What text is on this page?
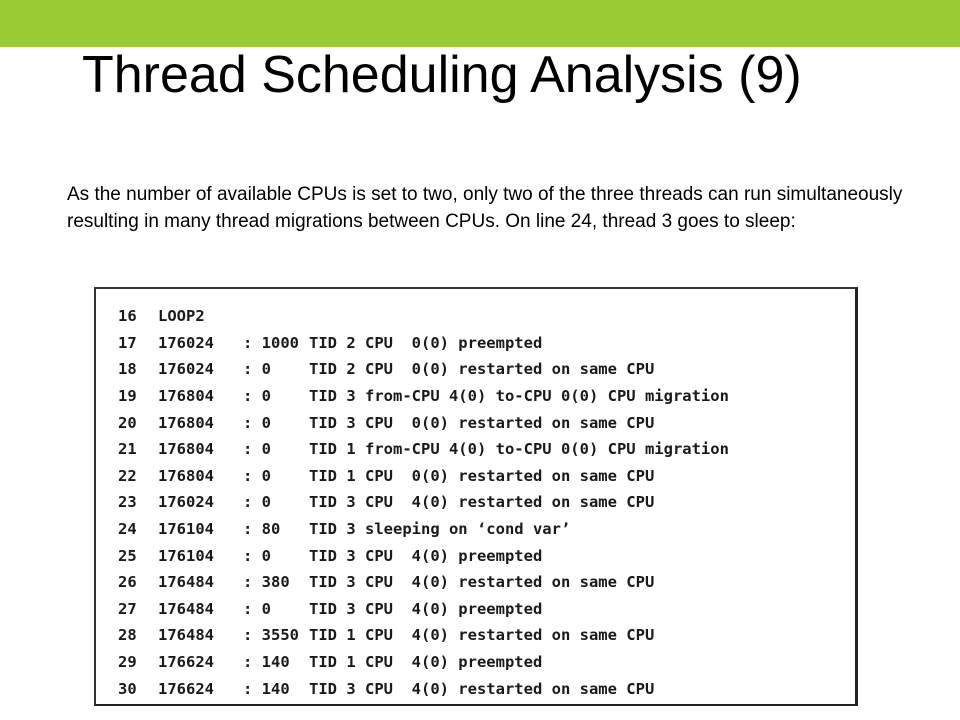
Thread Scheduling Analysis (9)

As the number of available CPUs is set to two, only two of the three threads can run simultaneously resulting in many thread migrations between CPUs. On line 24, thread 3 goes to sleep:

16	LOOP2		
17	176024	: 1000	TID 2 CPU  0(0) preempted
18	176024	: 0	TID 2 CPU  0(0) restarted on same CPU
19	176804	: 0	TID 3 from-CPU 4(0) to-CPU 0(0) CPU migration
20	176804	: 0	TID 3 CPU  0(0) restarted on same CPU
21	176804	: 0	TID 1 from-CPU 4(0) to-CPU 0(0) CPU migration
22	176804	: 0	TID 1 CPU  0(0) restarted on same CPU
23	176024	: 0	TID 3 CPU  4(0) restarted on same CPU
24	176104	: 80	TID 3 sleeping on ‘cond var’
25	176104	: 0	TID 3 CPU  4(0) preempted
26	176484	: 380	TID 3 CPU  4(0) restarted on same CPU
27	176484	: 0	TID 3 CPU  4(0) preempted
28	176484	: 3550	TID 1 CPU  4(0) restarted on same CPU
29	176624	: 140	TID 1 CPU  4(0) preempted
30	176624	: 140	TID 3 CPU  4(0) restarted on same CPU
